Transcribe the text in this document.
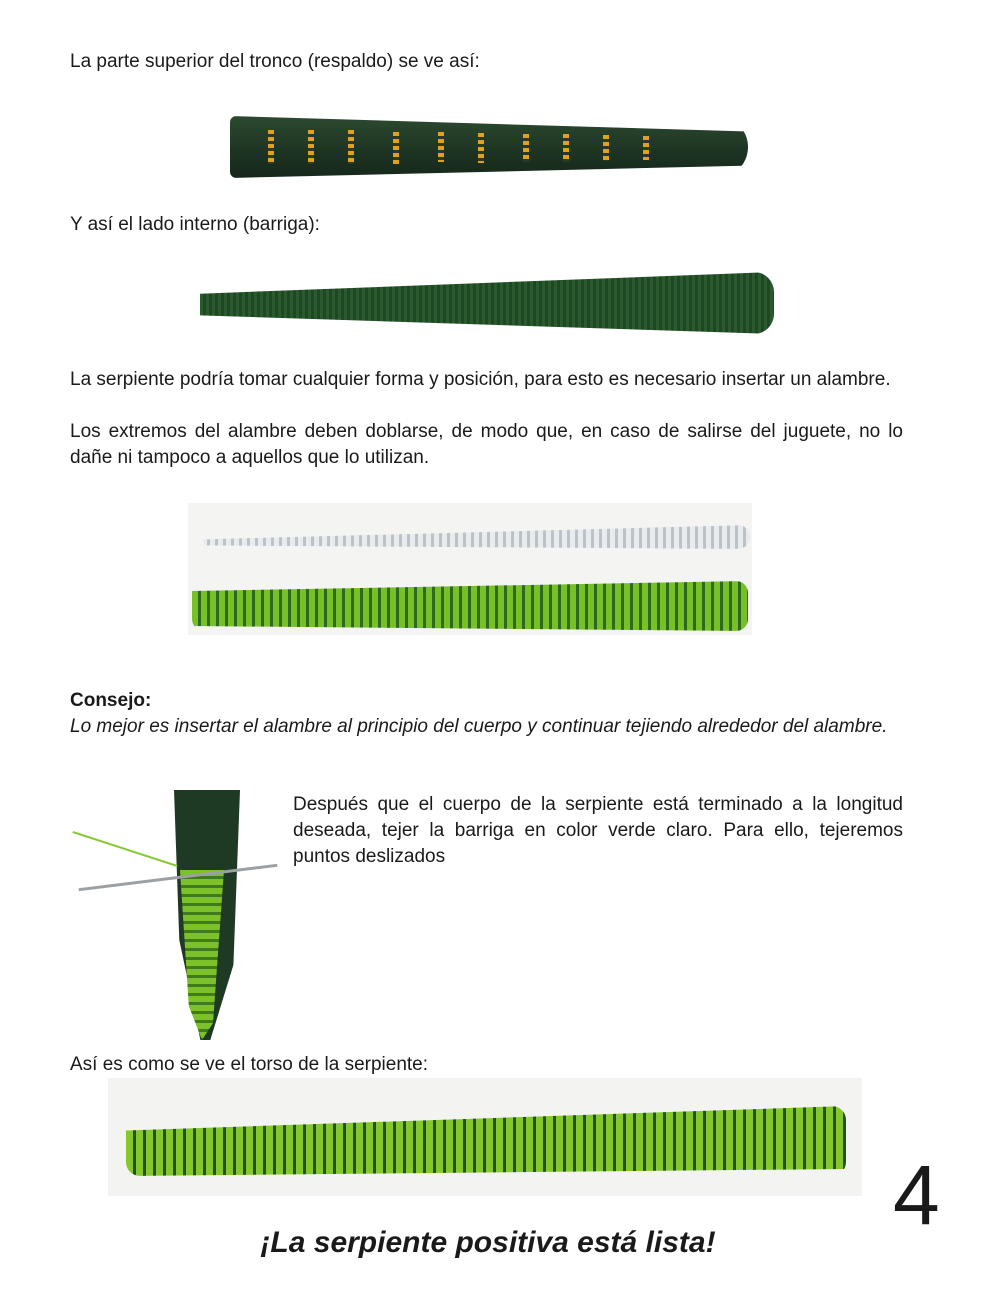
La parte superior del tronco (respaldo) se ve así:
Y así el lado interno (barriga):
La serpiente podría tomar cualquier forma y posición, para esto es necesario insertar un alambre.
Los extremos del alambre deben doblarse, de modo que, en caso de salirse del juguete, no lo dañe ni tampoco a aquellos que lo utilizan.
Consejo:
Lo mejor es insertar el alambre al principio del cuerpo y continuar tejiendo alrededor del alambre.
Después que el cuerpo de la serpiente está terminado a la longitud deseada, tejer la barriga en color verde claro. Para ello, tejeremos puntos deslizados
Así es como se ve el torso de la serpiente:
4
¡La serpiente positiva está lista!
